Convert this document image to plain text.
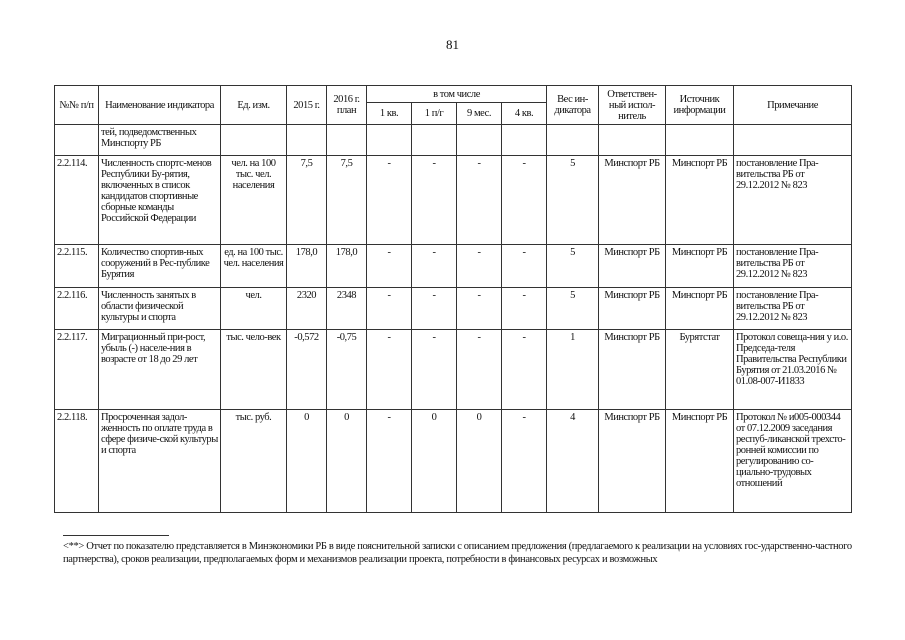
81
№№ п/п	Наименование индикатора	Ед. изм.	2015 г.	2016 г. план	в том числе				Вес ин-дикатора	Ответствен-ный испол-нитель	Источник информации	Примечание
					1 кв.	1 п/г	9 мес.	4 кв.				
	тей, подведомственных Минспорту РБ											
2.2.114.	Численность спортс-менов Республики Бу-рятия, включенных в список кандидатов спортивные сборные команды Российской Федерации	чел. на 100 тыс. чел. населения	7,5	7,5	-	-	-	-	5	Минспорт РБ	Минспорт РБ	постановление Пра-вительства РБ от 29.12.2012 № 823
2.2.115.	Количество спортив-ных сооружений в Рес-публике Бурятия	ед. на 100 тыс. чел. населения	178,0	178,0	-	-	-	-	5	Минспорт РБ	Минспорт РБ	постановление Пра-вительства РБ от 29.12.2012 № 823
2.2.116.	Численность занятых в области физической культуры и спорта	чел.	2320	2348	-	-	-	-	5	Минспорт РБ	Минспорт РБ	постановление Пра-вительства РБ от 29.12.2012 № 823
2.2.117.	Миграционный при-рост, убыль (-) населе-ния в возрасте от 18 до 29 лет	тыс. чело-век	-0,572	-0,75	-	-	-	-	1	Минспорт РБ	Бурятстат	Протокол совеща-ния у и.о. Председа-теля Правительства Республики Бурятия от 21.03.2016 № 01.08-007-И1833
2.2.118.	Просроченная задол-женность по оплате труда в сфере физиче-ской культуры и спорта	тыс. руб.	0	0	-	0	0	-	4	Минспорт РБ	Минспорт РБ	Протокол № и005-000344 от 07.12.2009 заседания респуб-ликанской трехсто-ронней комиссии по регулированию со-циально-трудовых отношений
<**> Отчет по показателю представляется в Минэкономики РБ в виде пояснительной записки с описанием предложения (предлагаемого к реализации на условиях гос-ударственно-частного партнерства), сроков реализации, предполагаемых форм и механизмов реализации проекта, потребности в финансовых ресурсах и возможных
